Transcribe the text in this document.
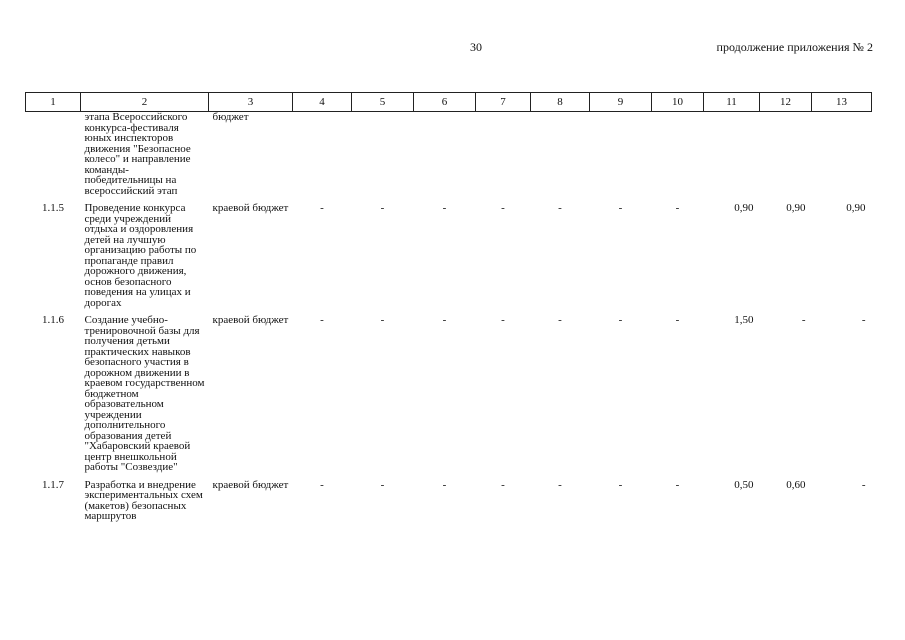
30	продолжение приложения № 2
1	2	3	4	5	6	7	8	9	10	11	12	13
	этапа Всероссийского конкурса-фестиваля юных инспекторов движения "Безопасное колесо" и направление команды-победительницы на всероссийский этап	бюджет										
1.1.5	Проведение конкурса среди учреждений отдыха и оздоровления детей на лучшую организацию работы по пропаганде правил дорожного движения, основ безопасного поведения на улицах и дорогах	краевой бюджет	-	-	-	-	-	-	-	0,90	0,90	0,90
1.1.6	Создание учебно-тренировочной базы для получения детьми практических навыков безопасного участия в дорожном движении в краевом государственном бюджетном образовательном учреждении дополнительного образования детей "Хабаровский краевой центр внешкольной работы "Созвездие"	краевой бюджет	-	-	-	-	-	-	-	1,50	-	-
1.1.7	Разработка и внедрение экспериментальных схем (макетов) безопасных маршрутов	краевой бюджет	-	-	-	-	-	-	-	0,50	0,60	-
